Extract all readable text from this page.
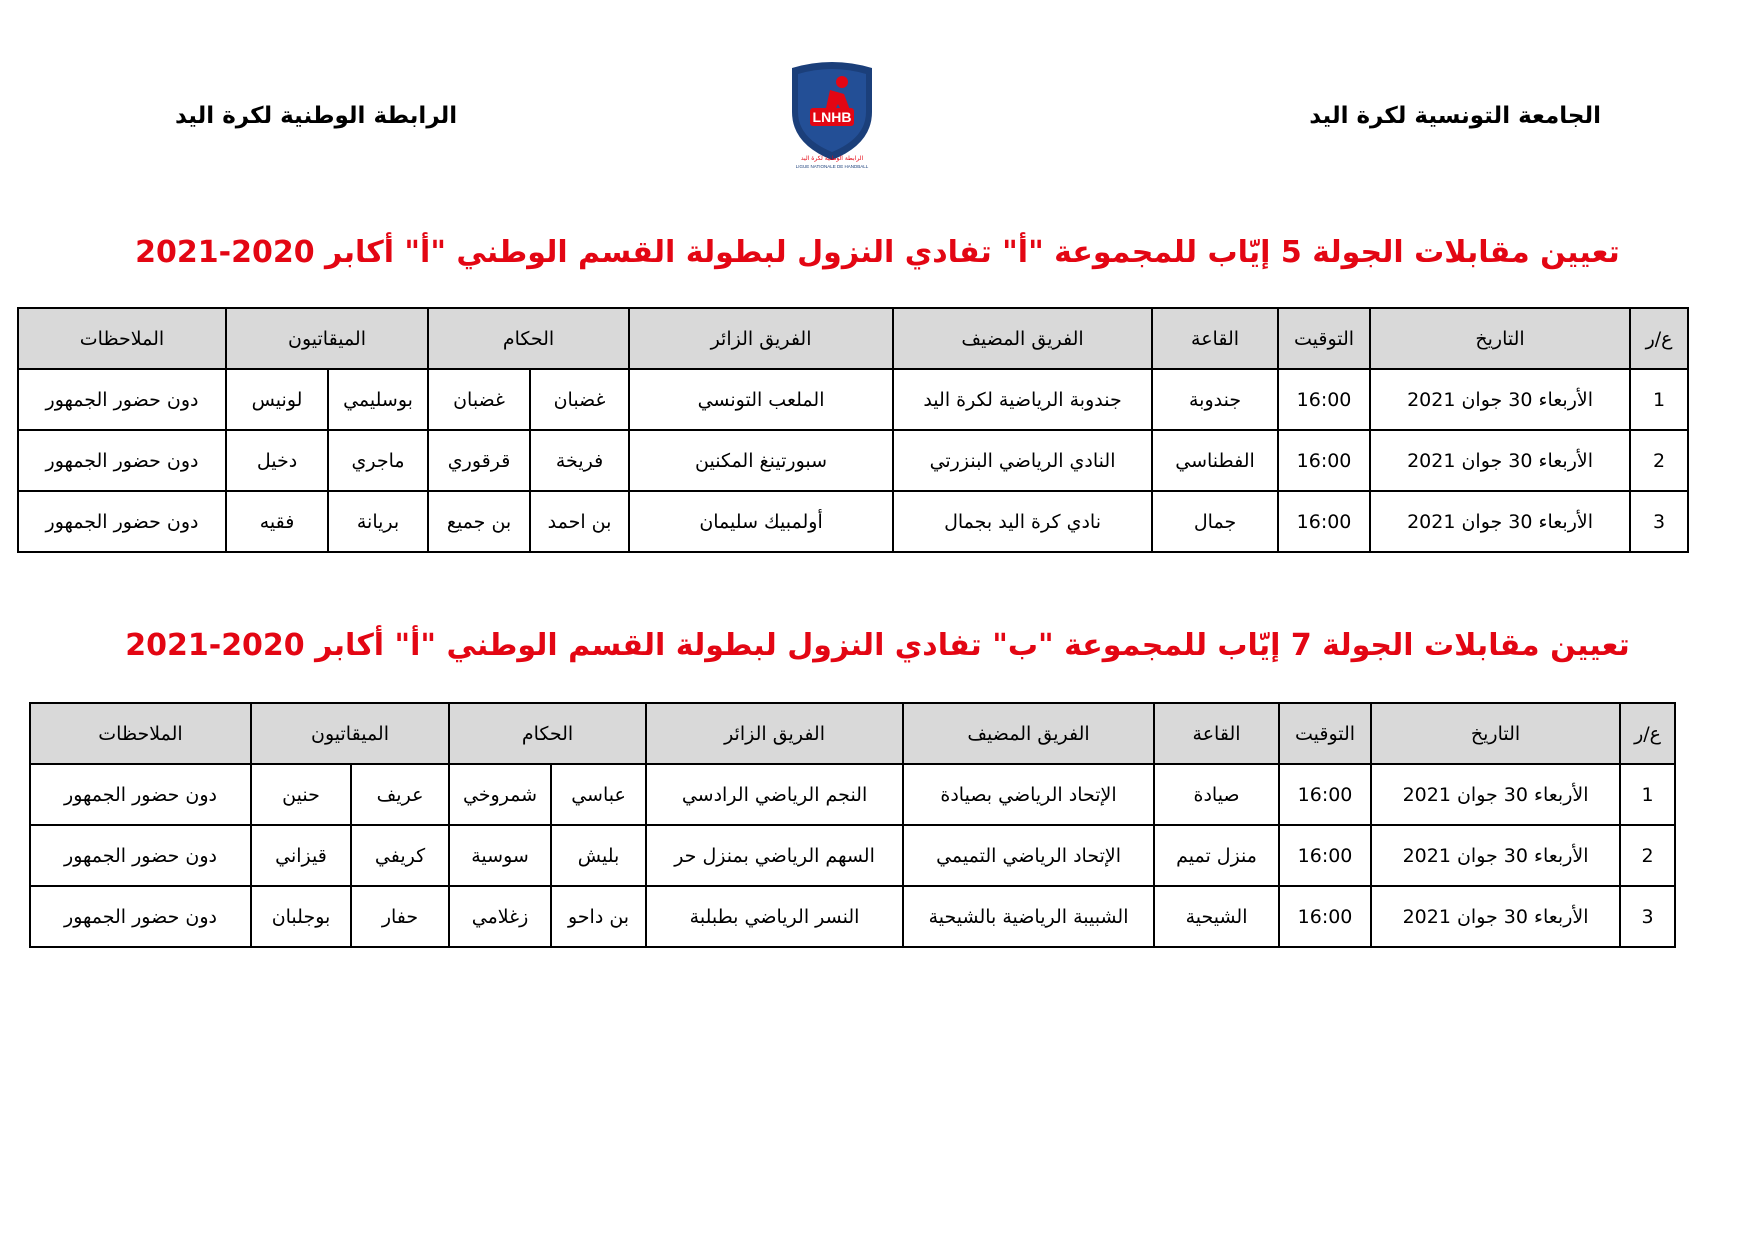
الجامعة التونسية لكرة اليد
الرابطة الوطنية لكرة اليد	LNHB
الرابطة الوطنية لكرة اليد
LIGUE NATIONALE DE HANDBALL
تعيين مقابلات الجولة 5 إيّاب للمجموعة "أ" تفادي النزول لبطولة القسم الوطني "أ" أكابر 2020-2021
ع/ر	التاريخ	التوقيت	القاعة	الفريق المضيف	الفريق الزائر	الحكام		الميقاتيون		الملاحظات
1	الأربعاء 30 جوان 2021	16:00	جندوبة	جندوبة الرياضية لكرة اليد	الملعب التونسي	غضبان	غضبان	بوسليمي	لونيس	دون حضور الجمهور
2	الأربعاء 30 جوان 2021	16:00	الفطناسي	النادي الرياضي البنزرتي	سبورتينغ المكنين	فريخة	قرقوري	ماجري	دخيل	دون حضور الجمهور
3	الأربعاء 30 جوان 2021	16:00	جمال	نادي كرة اليد بجمال	أولمبيك سليمان	بن احمد	بن جميع	بريانة	فقيه	دون حضور الجمهور
تعيين مقابلات الجولة 7 إيّاب للمجموعة "ب" تفادي النزول لبطولة القسم الوطني "أ" أكابر 2020-2021
ع/ر	التاريخ	التوقيت	القاعة	الفريق المضيف	الفريق الزائر	الحكام		الميقاتيون		الملاحظات
1	الأربعاء 30 جوان 2021	16:00	صيادة	الإتحاد الرياضي بصيادة	النجم الرياضي الرادسي	عباسي	شمروخي	عريف	حنين	دون حضور الجمهور
2	الأربعاء 30 جوان 2021	16:00	منزل تميم	الإتحاد الرياضي التميمي	السهم الرياضي بمنزل حر	بليش	سوسية	كريفي	قيزاني	دون حضور الجمهور
3	الأربعاء 30 جوان 2021	16:00	الشيحية	الشبيبة الرياضية بالشيحية	النسر الرياضي بطبلبة	بن داحو	زغلامي	حفار	بوجلبان	دون حضور الجمهور
